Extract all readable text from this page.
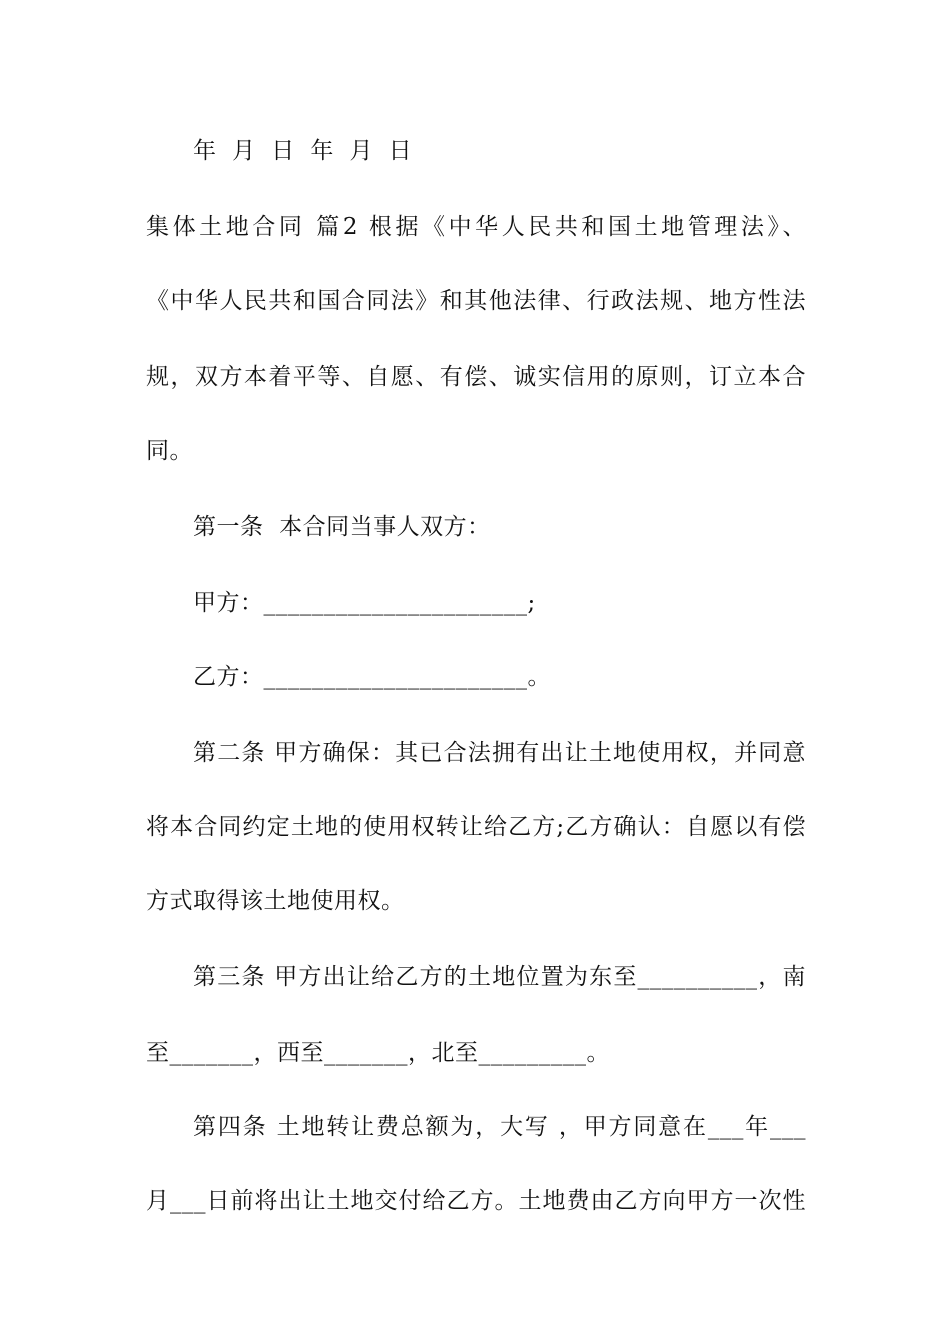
年  月  日  年  月  日
集体土地合同 篇2 根据《中华人民共和国土地管理法》、
《中华人民共和国合同法》和其他法律、行政法规、地方性法
规，双方本着平等、自愿、有偿、诚实信用的原则，订立本合
同。
第一条  本合同当事人双方：
甲方：______________________;
乙方：______________________。
第二条 甲方确保：其已合法拥有出让土地使用权，并同意
将本合同约定土地的使用权转让给乙方;乙方确认：自愿以有偿
方式取得该土地使用权。
第三条 甲方出让给乙方的土地位置为东至__________，南
至_______，西至_______，北至_________。
第四条 土地转让费总额为，大写 ，甲方同意在___年___
月___日前将出让土地交付给乙方。土地费由乙方向甲方一次性
